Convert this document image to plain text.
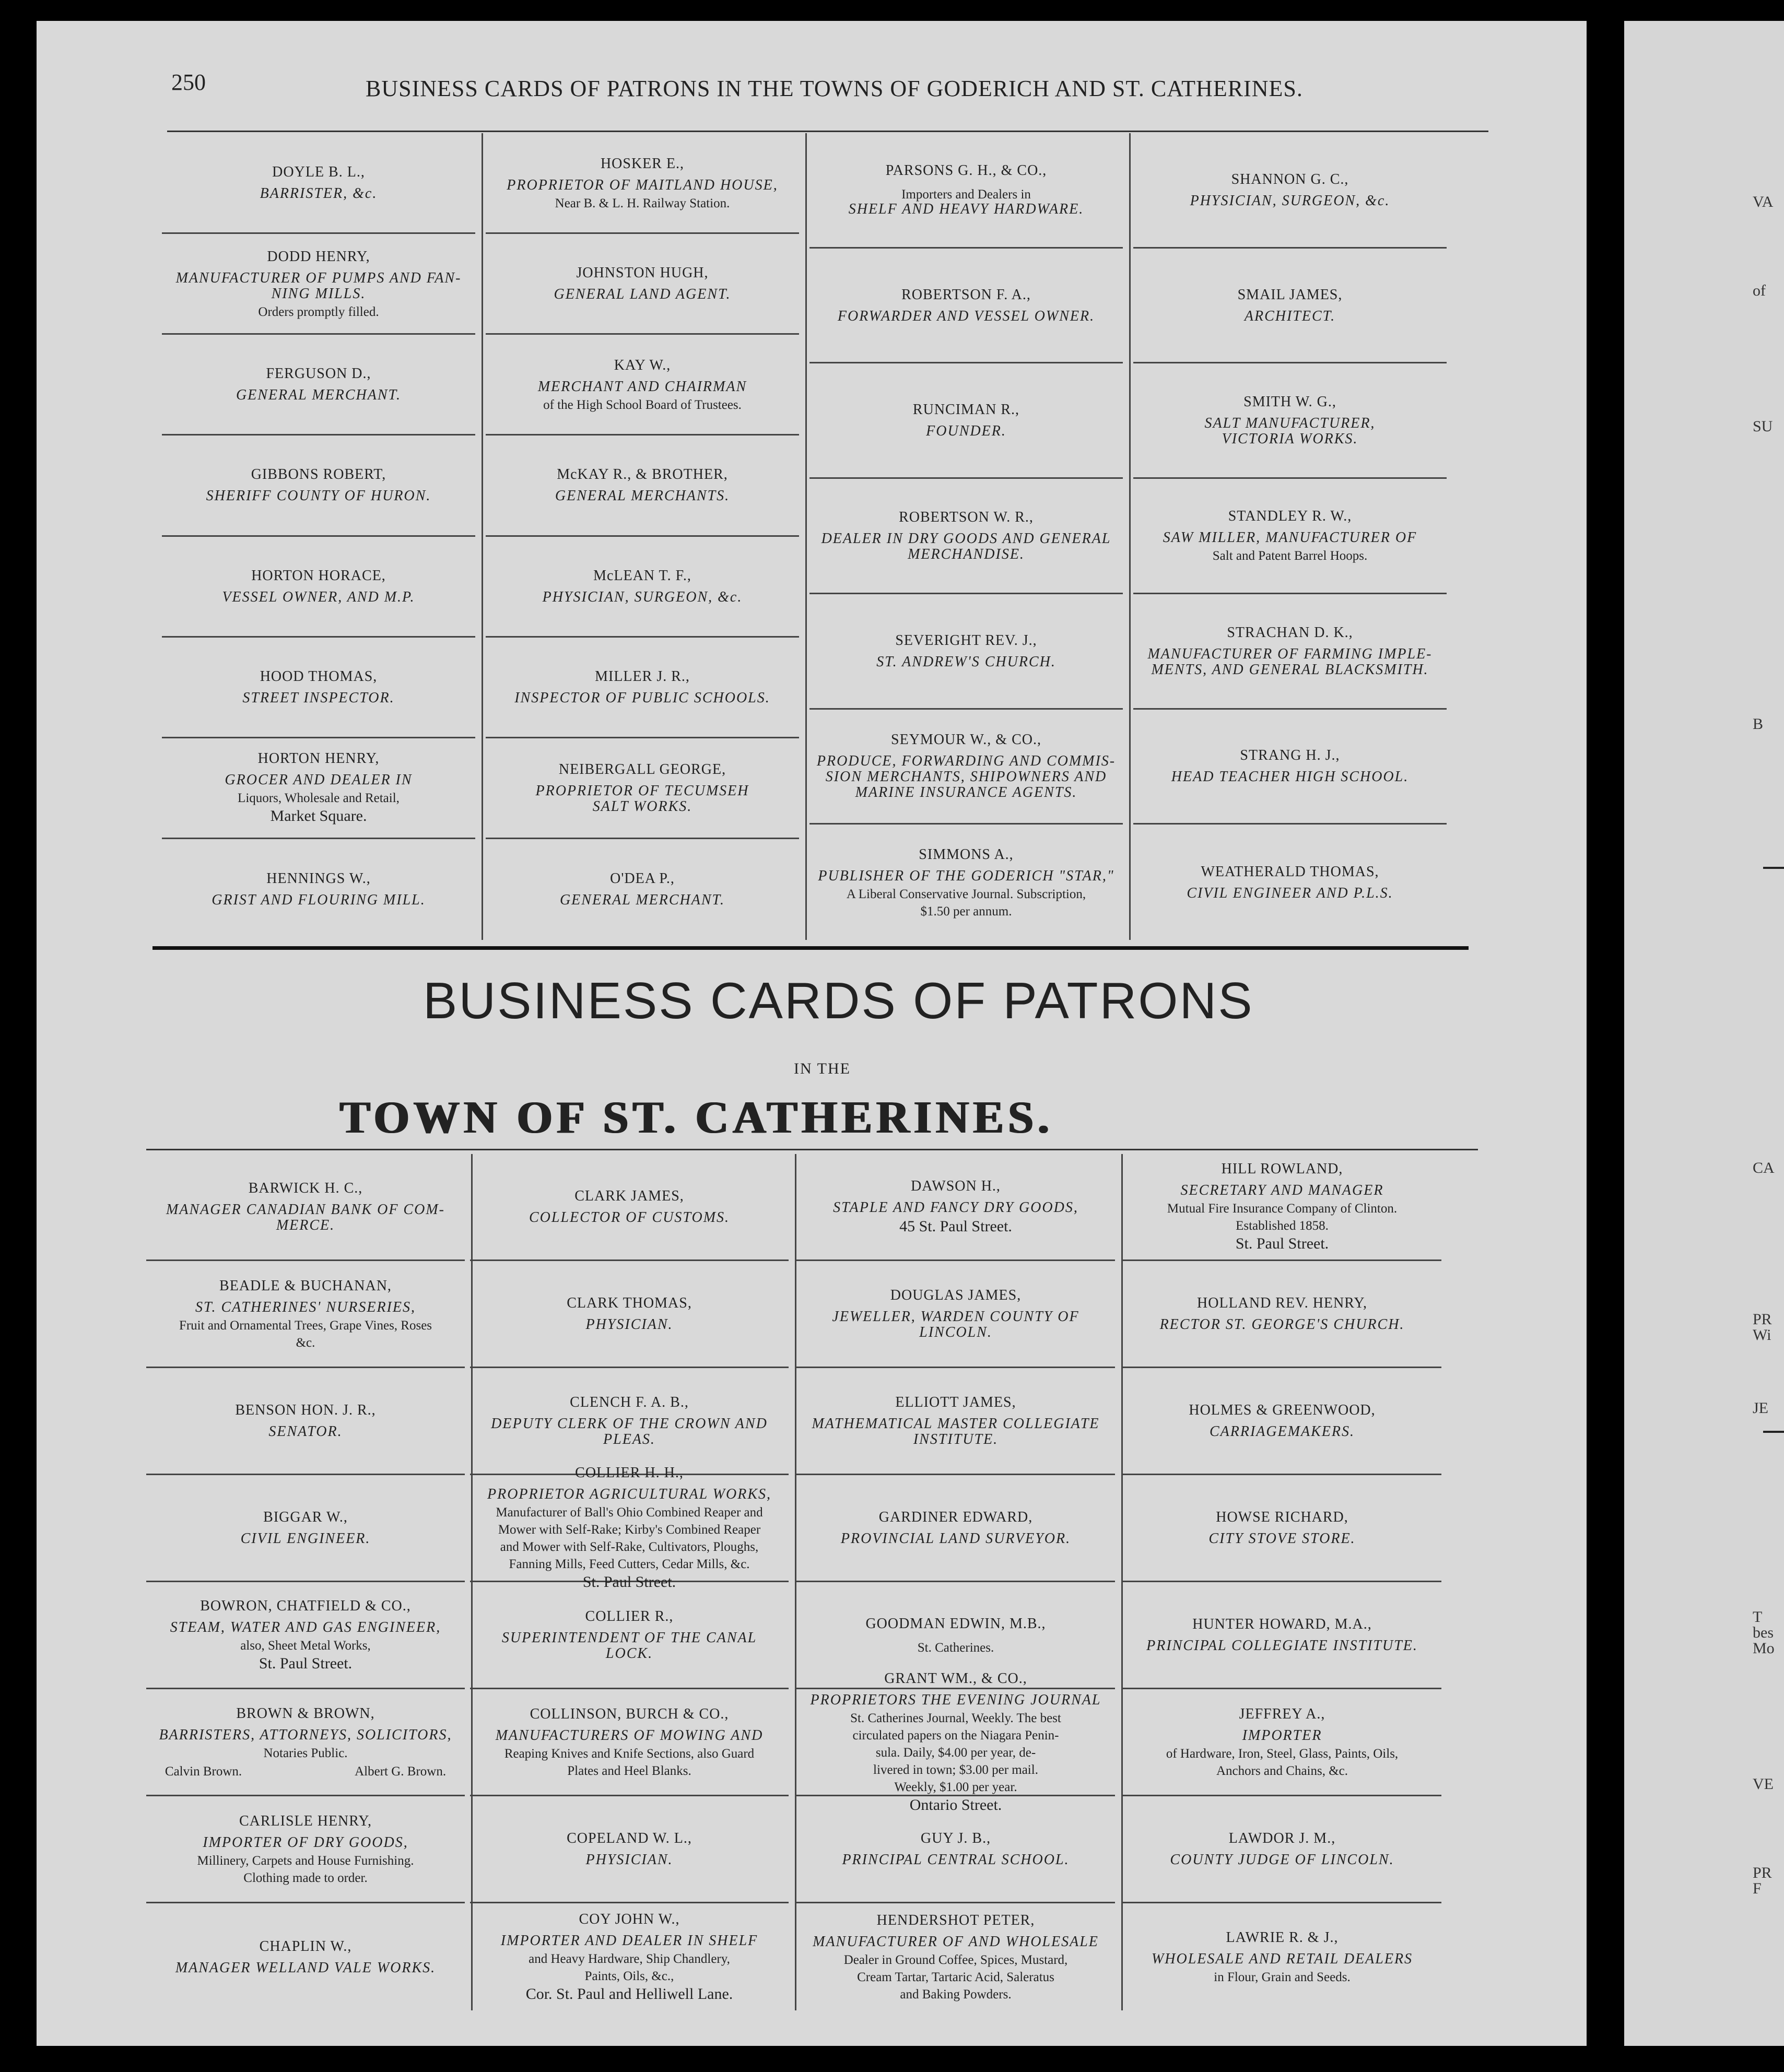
250	BUSINESS CARDS OF PATRONS IN THE TOWNS OF GODERICH AND ST. CATHERINES.
DOYLE B. L.,
BARRISTER, &c.
DODD HENRY,
MANUFACTURER OF PUMPS AND FAN-
NING MILLS.
Orders promptly filled.
FERGUSON D.,
GENERAL MERCHANT.
GIBBONS ROBERT,
SHERIFF COUNTY OF HURON.
HORTON HORACE,
VESSEL OWNER, AND M.P.
HOOD THOMAS,
STREET INSPECTOR.
HORTON HENRY,
GROCER AND DEALER IN
Liquors, Wholesale and Retail,
Market Square.
HENNINGS W.,
GRIST AND FLOURING MILL.
HOSKER E.,
PROPRIETOR OF MAITLAND HOUSE,
Near B. & L. H. Railway Station.
JOHNSTON HUGH,
GENERAL LAND AGENT.
KAY W.,
MERCHANT AND CHAIRMAN
of the High School Board of Trustees.
McKAY R., & BROTHER,
GENERAL MERCHANTS.
McLEAN T. F.,
PHYSICIAN, SURGEON, &c.
MILLER J. R.,
INSPECTOR OF PUBLIC SCHOOLS.
NEIBERGALL GEORGE,
PROPRIETOR OF TECUMSEH
SALT WORKS.
O'DEA P.,
GENERAL MERCHANT.
PARSONS G. H., & CO.,
Importers and Dealers in
SHELF AND HEAVY HARDWARE.
ROBERTSON F. A.,
FORWARDER AND VESSEL OWNER.
RUNCIMAN R.,
FOUNDER.
ROBERTSON W. R.,
DEALER IN DRY GOODS AND GENERAL
MERCHANDISE.
SEVERIGHT REV. J.,
ST. ANDREW'S CHURCH.
SEYMOUR W., & CO.,
PRODUCE, FORWARDING AND COMMIS-
SION MERCHANTS, SHIPOWNERS AND
MARINE INSURANCE AGENTS.
SIMMONS A.,
PUBLISHER OF THE GODERICH "STAR,"
A Liberal Conservative Journal. Subscription,
$1.50 per annum.
SHANNON G. C.,
PHYSICIAN, SURGEON, &c.
SMAIL JAMES,
ARCHITECT.
SMITH W. G.,
SALT MANUFACTURER,
VICTORIA WORKS.
STANDLEY R. W.,
SAW MILLER, MANUFACTURER OF
Salt and Patent Barrel Hoops.
STRACHAN D. K.,
MANUFACTURER OF FARMING IMPLE-
MENTS, AND GENERAL BLACKSMITH.
STRANG H. J.,
HEAD TEACHER HIGH SCHOOL.
WEATHERALD THOMAS,
CIVIL ENGINEER AND P.L.S.
BUSINESS CARDS OF PATRONS
IN THE
TOWN OF ST. CATHERINES.
BARWICK H. C.,
MANAGER CANADIAN BANK OF COM-
MERCE.
BEADLE & BUCHANAN,
ST. CATHERINES' NURSERIES,
Fruit and Ornamental Trees, Grape Vines, Roses
&c.
BENSON HON. J. R.,
SENATOR.
BIGGAR W.,
CIVIL ENGINEER.
BOWRON, CHATFIELD & CO.,
STEAM, WATER AND GAS ENGINEER,
also, Sheet Metal Works,
St. Paul Street.
BROWN & BROWN,
BARRISTERS, ATTORNEYS, SOLICITORS,
Notaries Public.
Calvin Brown.	Albert G. Brown.
CARLISLE HENRY,
IMPORTER OF DRY GOODS,
Millinery, Carpets and House Furnishing.
Clothing made to order.
CHAPLIN W.,
MANAGER WELLAND VALE WORKS.
CLARK JAMES,
COLLECTOR OF CUSTOMS.
CLARK THOMAS,
PHYSICIAN.
CLENCH F. A. B.,
DEPUTY CLERK OF THE CROWN AND
PLEAS.
COLLIER H. H.,
PROPRIETOR AGRICULTURAL WORKS,
Manufacturer of Ball's Ohio Combined Reaper and
Mower with Self-Rake; Kirby's Combined Reaper
and Mower with Self-Rake, Cultivators, Ploughs,
Fanning Mills, Feed Cutters, Cedar Mills, &c.
St. Paul Street.
COLLIER R.,
SUPERINTENDENT OF THE CANAL
LOCK.
COLLINSON, BURCH & CO.,
MANUFACTURERS OF MOWING AND
Reaping Knives and Knife Sections, also Guard
Plates and Heel Blanks.
COPELAND W. L.,
PHYSICIAN.
COY JOHN W.,
IMPORTER AND DEALER IN SHELF
and Heavy Hardware, Ship Chandlery,
Paints, Oils, &c.,
Cor. St. Paul and Helliwell Lane.
DAWSON H.,
STAPLE AND FANCY DRY GOODS,
45 St. Paul Street.
DOUGLAS JAMES,
JEWELLER, WARDEN COUNTY OF
LINCOLN.
ELLIOTT JAMES,
MATHEMATICAL MASTER COLLEGIATE
INSTITUTE.
GARDINER EDWARD,
PROVINCIAL LAND SURVEYOR.
GOODMAN EDWIN, M.B.,
St. Catherines.
GRANT WM., & CO.,
PROPRIETORS THE EVENING JOURNAL
St. Catherines Journal, Weekly. The best
circulated papers on the Niagara Penin-
sula. Daily, $4.00 per year, de-
livered in town; $3.00 per mail.
Weekly, $1.00 per year.
Ontario Street.
GUY J. B.,
PRINCIPAL CENTRAL SCHOOL.
HENDERSHOT PETER,
MANUFACTURER OF AND WHOLESALE
Dealer in Ground Coffee, Spices, Mustard,
Cream Tartar, Tartaric Acid, Saleratus
and Baking Powders.
HILL ROWLAND,
SECRETARY AND MANAGER
Mutual Fire Insurance Company of Clinton.
Established 1858.
St. Paul Street.
HOLLAND REV. HENRY,
RECTOR ST. GEORGE'S CHURCH.
HOLMES & GREENWOOD,
CARRIAGEMAKERS.
HOWSE RICHARD,
CITY STOVE STORE.
HUNTER HOWARD, M.A.,
PRINCIPAL COLLEGIATE INSTITUTE.
JEFFREY A.,
IMPORTER
of Hardware, Iron, Steel, Glass, Paints, Oils,
Anchors and Chains, &c.
LAWDOR J. M.,
COUNTY JUDGE OF LINCOLN.
LAWRIE R. & J.,
WHOLESALE AND RETAIL DEALERS
in Flour, Grain and Seeds.
VA
of
SU
B
CA
PR
Wi
JE
T
bes
Mo
VE
PR
F
